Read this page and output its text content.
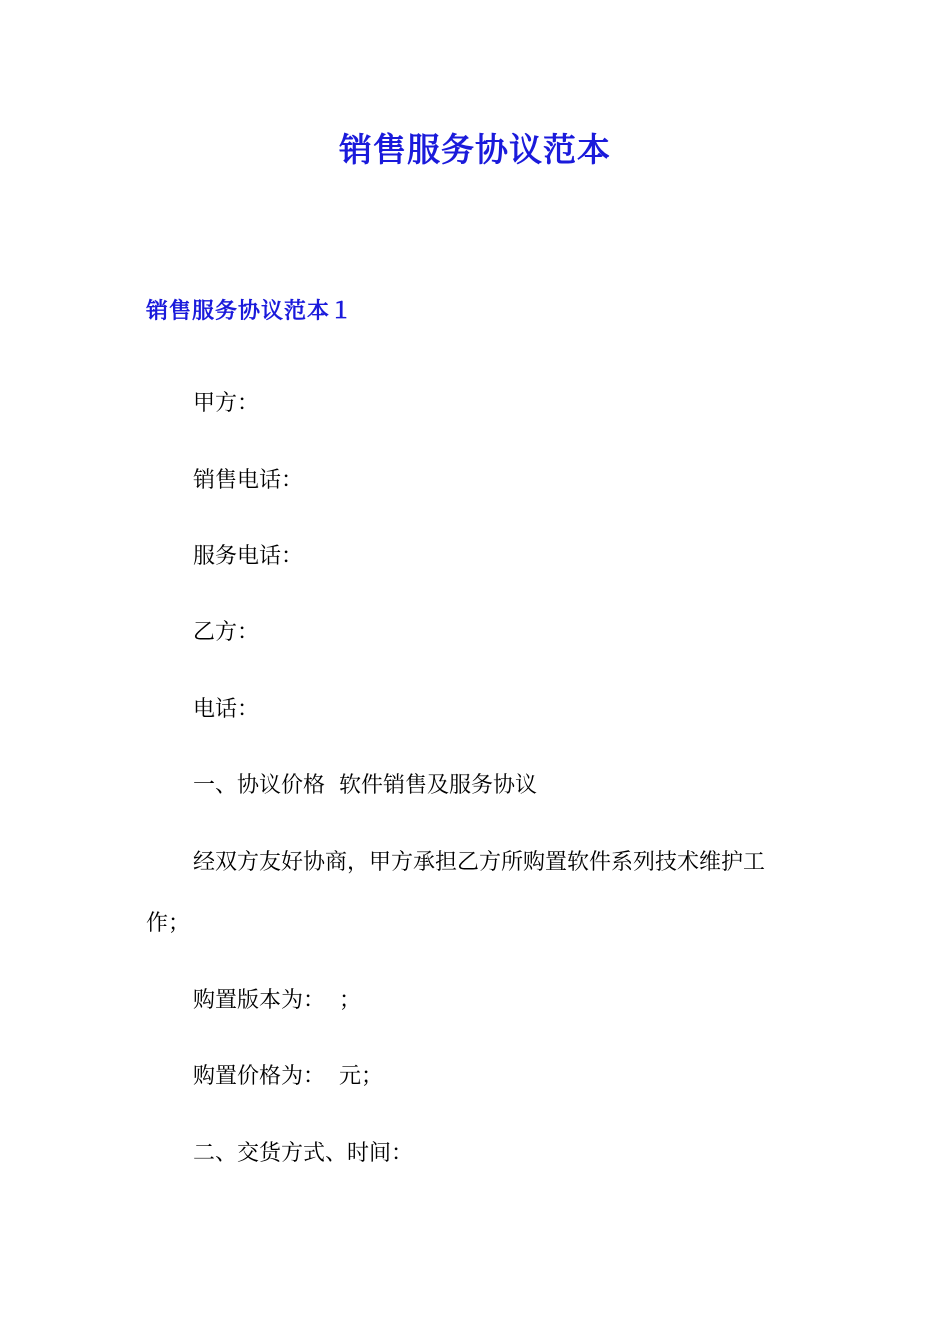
销售服务协议范本
销售服务协议范本１
甲方：
销售电话：
服务电话：
乙方：
电话：
一、协议价格  软件销售及服务协议
经双方友好协商，甲方承担乙方所购置软件系列技术维护工
作；
购置版本为：  ；
购置价格为：  元；
二、交货方式、时间：
